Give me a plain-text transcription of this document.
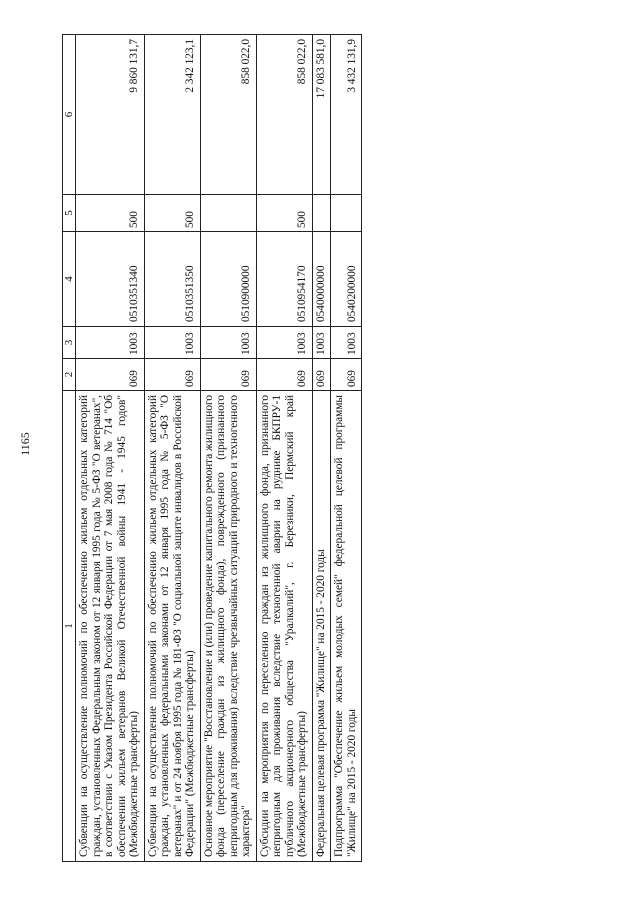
1165
1	2	3	4	5	6
Субвенции на осуществление полномочий по обеспечению жильем отдельных категорий граждан, установленных Федеральным законом от 12 января 1995 года № 5-ФЗ "О ветеранах", в соответствии с Указом Президента Российской Федерации от 7 мая 2008 года № 714 "Об обеспечении жильем ветеранов Великой Отечественной войны 1941 - 1945 годов" (Межбюджетные трансферты)	069	1003	0510351340	500	9 860 131,7
Субвенции на осуществление полномочий по обеспечению жильем отдельных категорий граждан, установленных федеральными законами от 12 января 1995 года № 5-ФЗ "О ветеранах" и от 24 ноября 1995 года № 181-ФЗ "О социальной защите инвалидов в Российской Федерации" (Межбюджетные трансферты)	069	1003	0510351350	500	2 342 123,1
Основное мероприятие "Восстановление и (или) проведение капитального ремонта жилищного фонда (переселение граждан из жилищного фонда), поврежденного (признанного непригодным для проживания) вследствие чрезвычайных ситуаций природного и техногенного характера"	069	1003	0510900000		858 022,0
Субсидии на мероприятия по переселению граждан из жилищного фонда, признанного непригодным для проживания вследствие техногенной аварии на руднике БКПРУ-1 публичного акционерного общества "Уралкалий", г. Березники, Пермский край (Межбюджетные трансферты)	069	1003	0510954170	500	858 022,0
Федеральная целевая программа "Жилище" на 2015 - 2020 годы	069	1003	0540000000		17 083 581,0
Подпрограмма "Обеспечение жильем молодых семей" федеральной целевой программы "Жилище" на 2015 - 2020 годы	069	1003	0540200000		3 432 131,9
